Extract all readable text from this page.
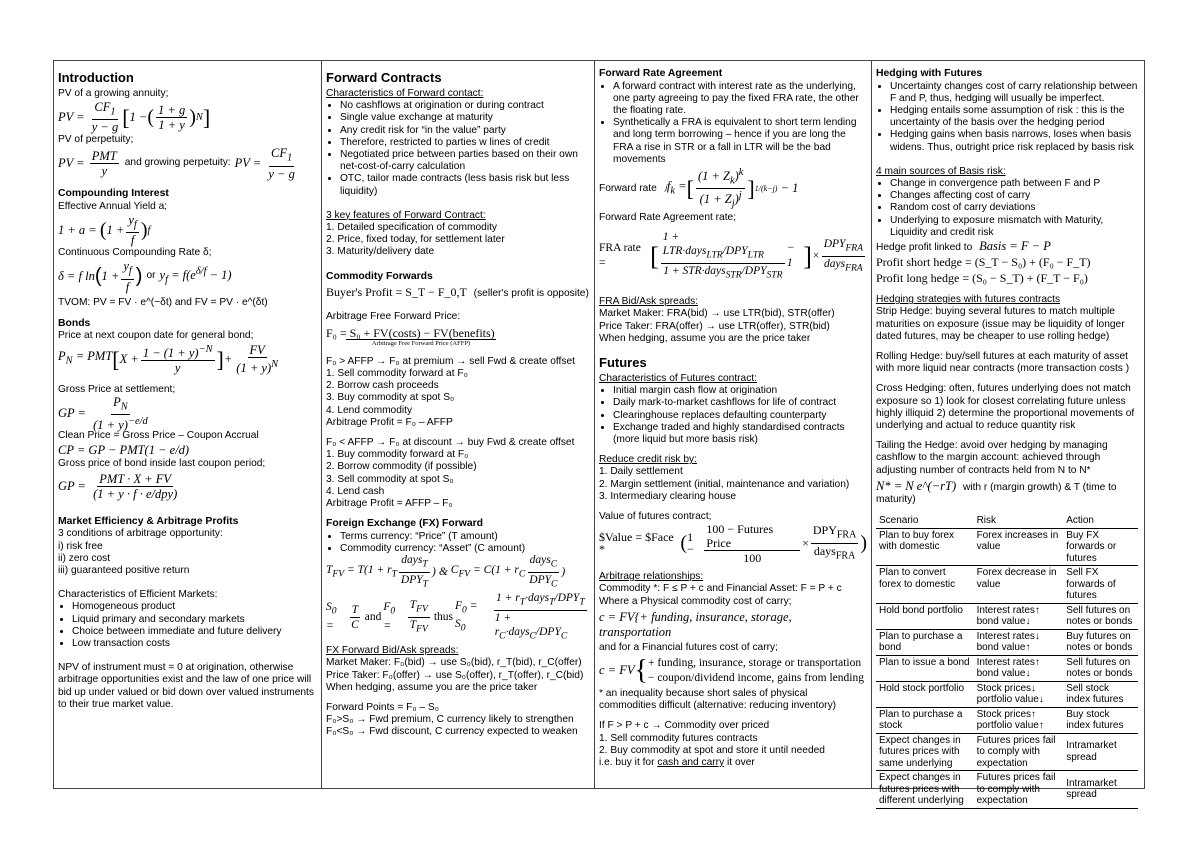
Introduction

PV of a growing annuity;

PV = $\frac{CF_1}{y - g}$ [ 1 − ( $\frac{1 + g}{1 + y}$ ) N ]

PV of perpetuity;

PV = $\frac{\text{PMT}}{y}$ and growing perpetuity: PV = $\frac{CF_1}{y - g}$
Compounding Interest

Effective Annual Yield a;

1 + a = ( $1 + \frac{y_f}{f}$ ) f

Continuous Compounding Rate δ;

δ = f ln ( $1 + \frac{y_f}{f}$ ) or $y_f = f(e^{\delta/f} - 1)$

TVOM: PV = FV · e^(−δt) and FV = PV · e^(δt)

Bonds

Price at next coupon date for general bond;

$P_N$ = PMT [ $X + \frac{1 - (1 + y)^{-N}}{y}$ ] + $\frac{FV}{(1 + y)^N}$

Gross Price at settlement;

GP = $\frac{P_N}{(1 + y)^{-e/d}}$

Clean Price = Gross Price – Coupon Accrual

CP = GP − PMT(1 − e/d)

Gross price of bond inside last coupon period;

GP = $\frac{\text{PMT · X + FV}}{\text{(1 + y · f · e/dpy)}}$
Market Efficiency & Arbitrage Profits

3 conditions of arbitrage opportunity:

i) risk free

ii) zero cost

iii) guaranteed positive return

Characteristics of Efficient Markets:

• Homogeneous product
• Liquid primary and secondary markets
• Choice between immediate and future delivery
• Low transaction costs

NPV of instrument must = 0 at origination, otherwise arbitrage opportunities exist and the law of one price will bid up under valued or bid down over valued instruments to their true market value.

Forward Contracts

Characteristics of Forward contact:

• No cashflows at origination or during contract
• Single value exchange at maturity
• Any credit risk for “in the value” party
• Therefore, restricted to parties w lines of credit
• Negotiated price between parties based on their own net-cost-of-carry calculation
• OTC, tailor made contracts (less basis risk but less liquidity)

3 key features of Forward Contract:

1. Detailed specification of commodity

2. Price, fixed today, for settlement later

3. Maturity/delivery date

Commodity Forwards
Buyer's Profit = S_T − F_0,T (seller's profit is opposite)

Arbitrage Free Forward Price:

F₀ = S₀ + FV(costs) − FV(benefits)
Arbitrage Free Forward Price (AFFP)

F₀ > AFFP → F₀ at premium → sell Fwd & create offset

1. Sell commodity forward at F₀

2. Borrow cash proceeds

3. Buy commodity at spot S₀

4. Lend commodity

Arbitrage Profit = F₀ – AFFP

F₀ < AFFP → F₀ at discount → buy Fwd & create offset

1. Buy commodity forward at F₀

2. Borrow commodity (if possible)

3. Sell commodity at spot S₀

4. Lend cash

Arbitrage Profit = AFFP – F₀

Foreign Exchange (FX) Forward
• Terms currency: “Price” (T amount)
• Commodity currency: “Asset” (C amount)
$T_{FV} = T(1 + r_T \frac{days_T}{DPY_T}$ ) & $C_{FV} = C(1 + r_C \frac{days_C}{DPY_C}$ )
$S_0$ =	$\frac{T}{C}$ and
$F_0$ =	$\frac{T_{FV}}{T_{FV}}$ thus
$F_0 = S_0$	$\frac{1 + r_T\cdot days_T/DPY_T}{1 + r_C\cdot days_C/DPY_C}$

FX Forward Bid/Ask spreads:

Market Maker: F₀(bid) → use S₀(bid), r_T(bid), r_C(offer)

Price Taker: F₀(offer) → use S₀(offer), r_T(offer), r_C(bid)

When hedging, assume you are the price taker

Forward Points = F₀ – S₀

F₀>S₀ → Fwd premium, C currency likely to strengthen

F₀<S₀ → Fwd discount, C currency expected to weaken

Forward Rate Agreement
• A forward contract with interest rate as the underlying, one party agreeing to pay the fixed FRA rate, the other the floating rate.
• Synthetically a FRA is equivalent to short term lending and long term borrowing – hence if you are long the FRA a rise in STR or a fall in LTR will be the bad movements
Forward rate ⱼf$_k$ = [ $\frac{(1 + Z_k)^k}{(1 + Z_j)^j}$ ] 1/(k−j) − 1

Forward Rate Agreement rate;

FRA rate =	[ $\frac{1 + LTR\cdot days_{LTR}/DPY_{LTR}}{1 + STR\cdot days_{STR}/DPY_{STR}} - 1$ ] × $\frac{DPY_{FRA}}{days_{FRA}}$

FRA Bid/Ask spreads:

Market Maker: FRA(bid) → use LTR(bid), STR(offer)

Price Taker: FRA(offer) → use LTR(offer), STR(bid)

When hedging, assume you are the price taker

Futures

Characteristics of Futures contract:

• Initial margin cash flow at origination
• Daily mark-to-market cashflows for life of contract
• Clearinghouse replaces defaulting counterparty
• Exchange traded and highly standardised contracts (more liquid but more basis risk)

Reduce credit risk by:

1. Daily settlement

2. Margin settlement (initial, maintenance and variation)

3. Intermediary clearing house

Value of futures contract;

$Value = $Face *	( $1 - \frac{\text{100 − Futures Price}}{100} \times \frac{DPY_{FRA}}{days_{FRA}}$ )

Arbitrage relationships:

Commodity *: F ≤ P + c and Financial Asset: F = P + c

Where a Physical commodity cost of carry;

c = FV{+ funding, insurance, storage, transportation

and for a Financial futures cost of carry;

c = FV { + funding, insurance, storage or transportation
− coupon/dividend income, gains from lending

* an inequality because short sales of physical commodities difficult (alternative: reducing inventory)

If F > P + c → Commodity over priced

1. Sell commodity futures contracts

2. Buy commodity at spot and store it until needed

i.e. buy it for cash and carry it over

Hedging with Futures
• Uncertainty changes cost of carry relationship between F and P, thus, hedging will usually be imperfect.
• Hedging entails some assumption of risk : this is the uncertainty of the basis over the hedging period
• Hedging gains when basis narrows, loses when basis widens. Thus, outright price risk replaced by basis risk

4 main sources of Basis risk:

• Change in convergence path between F and P
• Changes affecting cost of carry
• Random cost of carry deviations
• Underlying to exposure mismatch with Maturity, Liquidity and credit risk

Hedge profit linked to Basis = F − P

Profit short hedge = (S_T − S₀) + (F₀ − F_T)
Profit long hedge = (S₀ − S_T) + (F_T − F₀)

Hedging strategies with futures contracts

Strip Hedge: buying several futures to match multiple maturities on exposure (issue may be liquidity of longer dated futures, may be cheaper to use rolling hedge)

Rolling Hedge: buy/sell futures at each maturity of asset with more liquid near contracts (more transaction costs )

Cross Hedging: often, futures underlying does not match exposure so 1) look for closest correlating future unless highly illiquid 2) determine the proportional movements of underlying and actual to reduce quantity risk

Tailing the Hedge: avoid over hedging by managing cashflow to the margin account: achieved through adjusting number of contracts held from N to N*

N* = N e^(−rT) with r (margin growth) & T (time to maturity)

Scenario	Risk	Action
Plan to buy forex with domestic	Forex increases in value	Buy FX forwards or futures
Plan to convert forex to domestic	Forex decrease in value	Sell FX forwards of futures
Hold bond portfolio	Interest rates↑ bond value↓	Sell futures on notes or bonds
Plan to purchase a bond	Interest rates↓ bond value↑	Buy futures on notes or bonds
Plan to issue a bond	Interest rates↑ bond value↓	Sell futures on notes or bonds
Hold stock portfolio	Stock prices↓ portfolio value↓	Sell stock index futures
Plan to purchase a stock	Stock prices↑ portfolio value↑	Buy stock index futures
Expect changes in futures prices with same underlying	Futures prices fail to comply with expectation	Intramarket spread
Expect changes in futures prices with different underlying	Futures prices fail to comply with expectation	Intramarket spread
